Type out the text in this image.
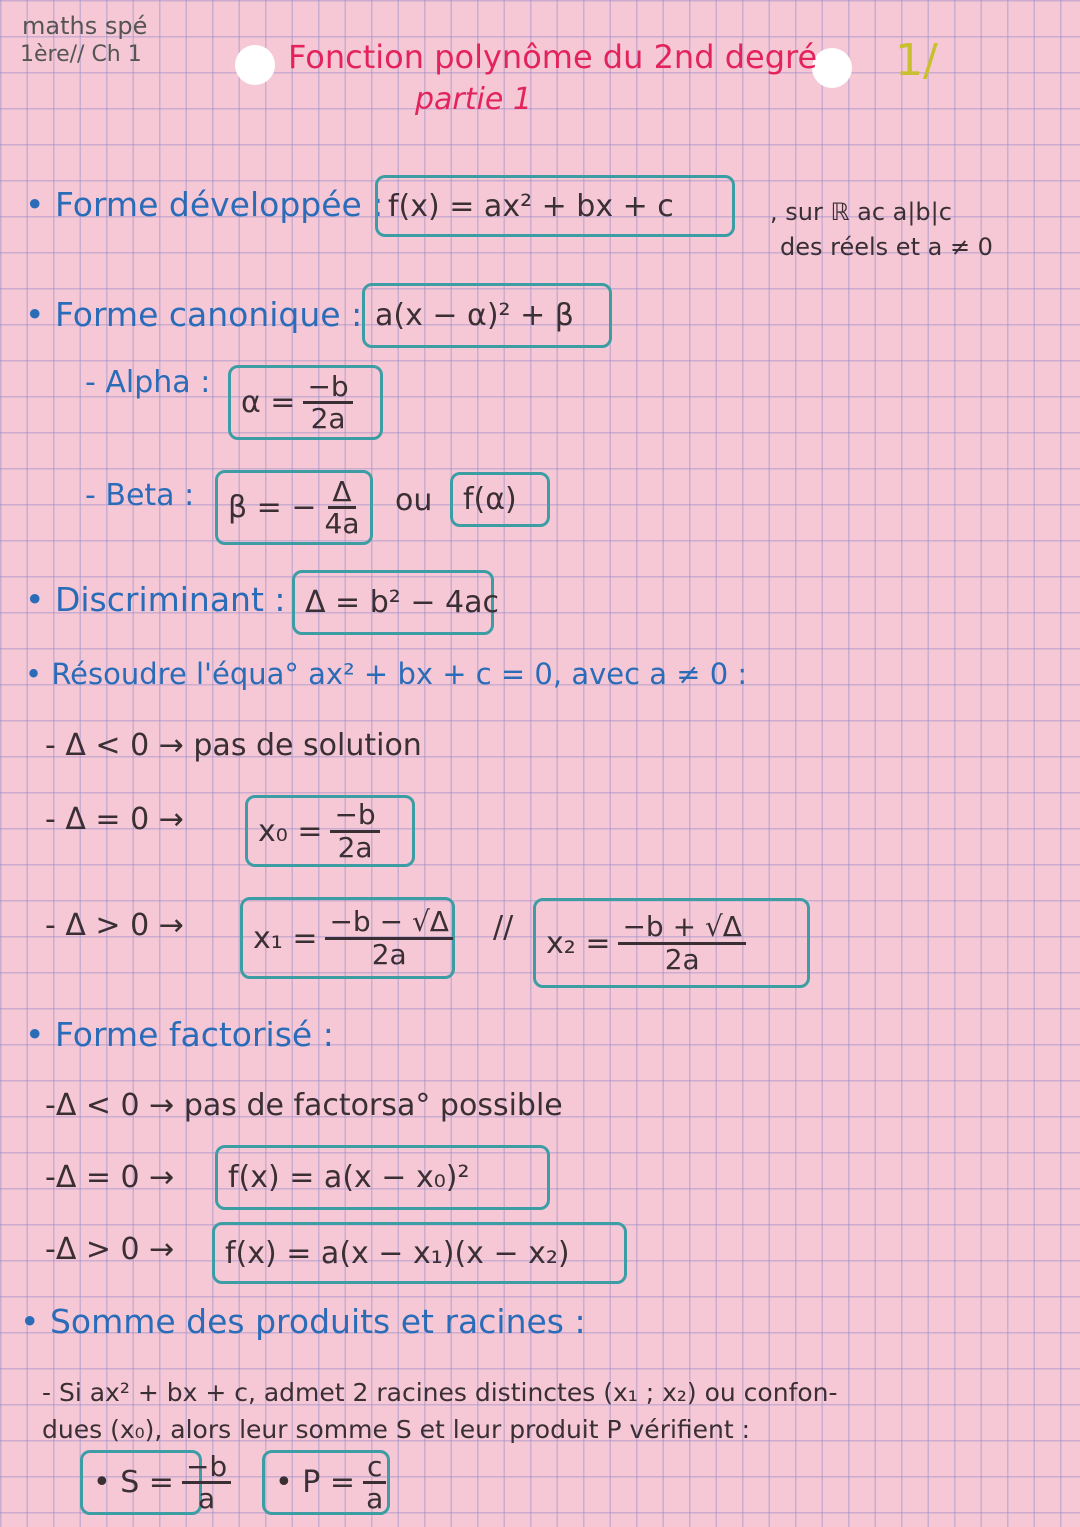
maths spé
1ère// Ch 1	Fonction polynôme du 2nd degré
partie 1
1/
• Forme développée : f(x) = ax² + bx + c	, sur ℝ ac a|b|c
des réels et a ≠ 0
• Forme canonique : a(x − α)² + β
- Alpha :
$\alpha = \frac{-b}{2a}$
- Beta : β = − $\frac{\Delta}{4a}$ ou f(α)
• Discriminant : Δ = b² − 4ac
• Résoudre l'équa° ax² + bx + c = 0, avec a ≠ 0 :
- Δ < 0 → pas de solution
- $\Delta = 0 \to x_0 = \frac{-b}{2a}$
- $\Delta > 0 \to x_1 = \frac{-b - √\Delta}{2a} // x_2 = \frac{-b + √\Delta}{2a}$
• Forme factorisé :
-Δ < 0 → pas de factorsa° possible
-Δ = 0 → f(x) = a(x − x₀)²
-Δ > 0 → f(x) = a(x − x₁)(x − x₂)
• Somme des produits et racines :
- Si ax² + bx + c, admet 2 racines distinctes (x₁ ; x₂) ou confon-
dues (x₀), alors leur somme S et leur produit P vérifient :
• $S = \frac{-b}{a}$ • $P = \frac{c}{a}$
